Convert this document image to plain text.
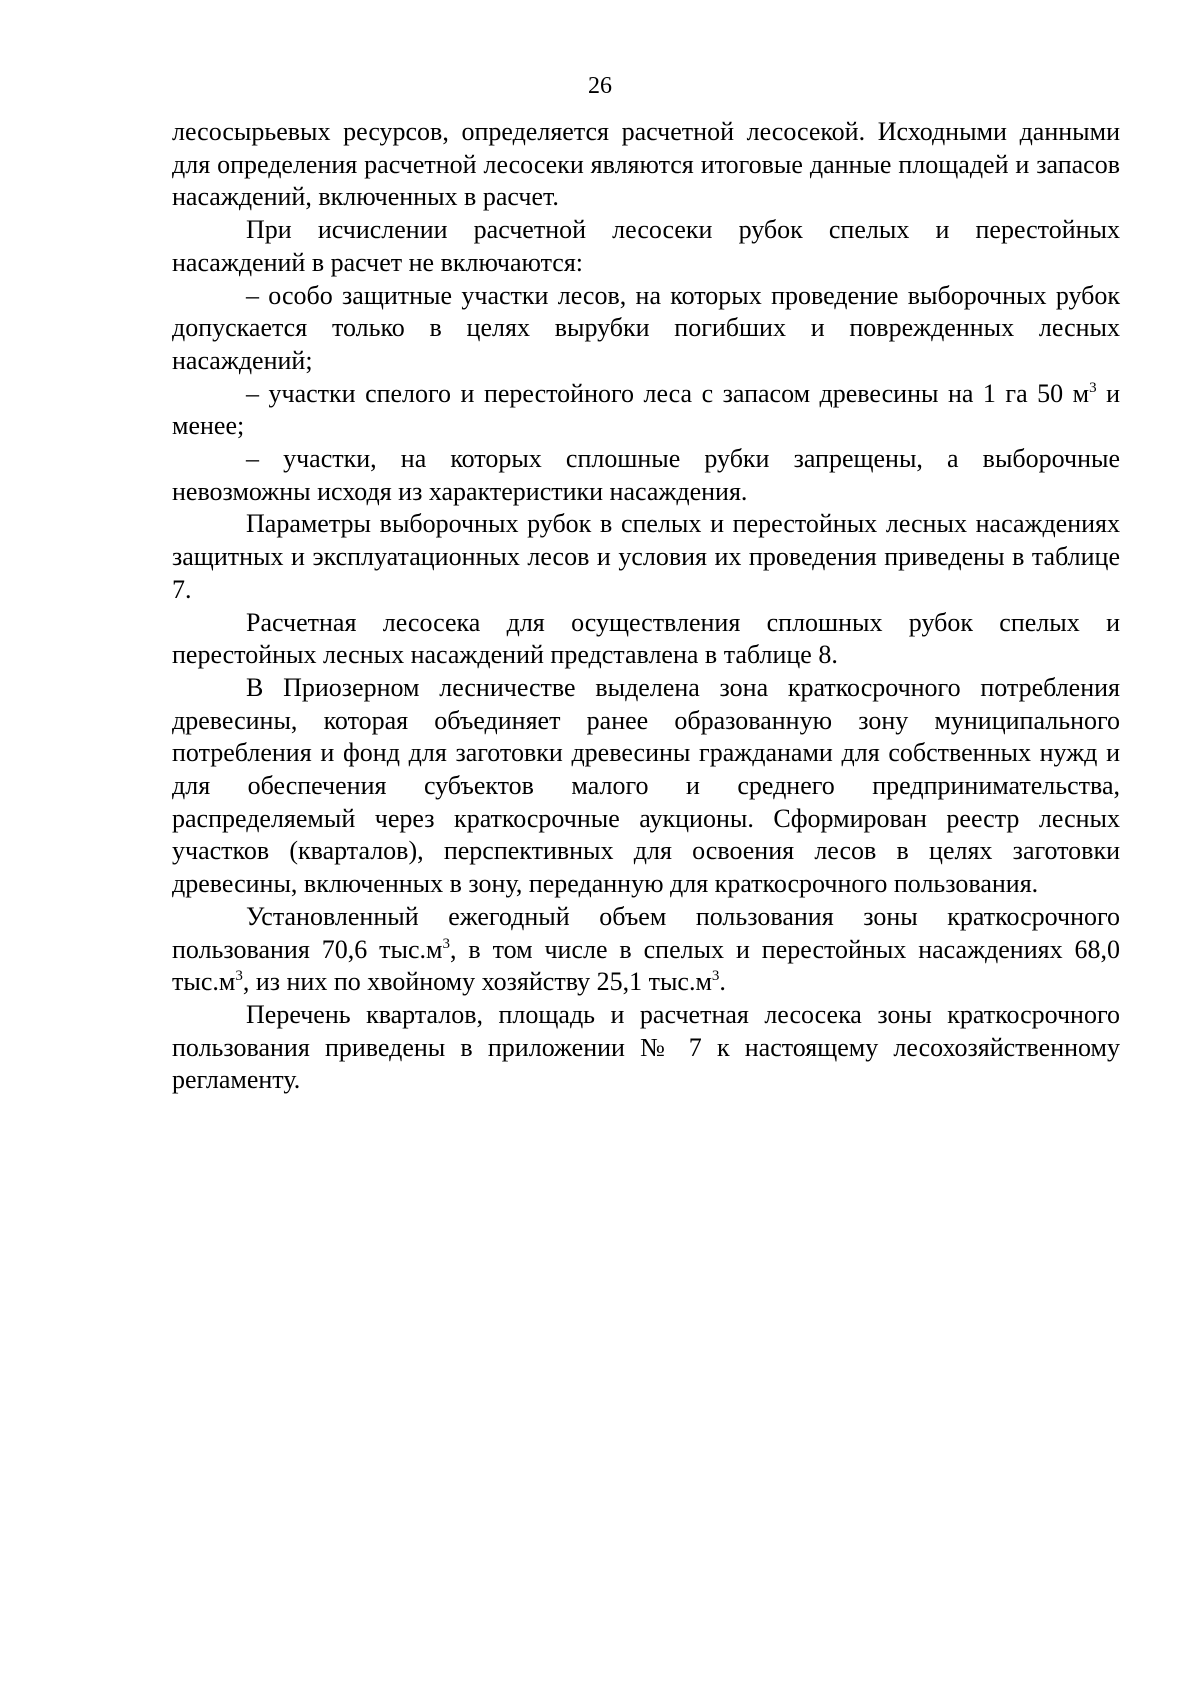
26

лесосырьевых ресурсов, определяется расчетной лесосекой. Исходными данными для определения расчетной лесосеки являются итоговые данные площадей и запасов насаждений, включенных в расчет.

При исчислении расчетной лесосеки рубок спелых и перестойных насаждений в расчет не включаются:

– особо защитные участки лесов, на которых проведение выборочных рубок допускается только в целях вырубки погибших и поврежденных лесных насаждений;

– участки спелого и перестойного леса с запасом древесины на 1 га 50 $м^3$ и менее;

– участки, на которых сплошные рубки запрещены, а выборочные невозможны исходя из характеристики насаждения.

Параметры выборочных рубок в спелых и перестойных лесных насаждениях защитных и эксплуатационных лесов и условия их проведения приведены в таблице 7.

Расчетная лесосека для осуществления сплошных рубок спелых и перестойных лесных насаждений представлена в таблице 8.

В Приозерном лесничестве выделена зона краткосрочного потребления древесины, которая объединяет ранее образованную зону муниципального потребления и фонд для заготовки древесины гражданами для собственных нужд и для обеспечения субъектов малого и среднего предпринимательства, распределяемый через краткосрочные аукционы. Сформирован реестр лесных участков (кварталов), перспективных для освоения лесов в целях заготовки древесины, включенных в зону, переданную для краткосрочного пользования.

Установленный ежегодный объем пользования зоны краткосрочного пользования 70,6 $тыс.м^3$, в том числе в спелых и перестойных насаждениях 68,0 $тыс.м^3$, из них по хвойному хозяйству 25,1 $тыс.м^3$.

Перечень кварталов, площадь и расчетная лесосека зоны краткосрочного пользования приведены в приложении № 7 к настоящему лесохозяйственному регламенту.
